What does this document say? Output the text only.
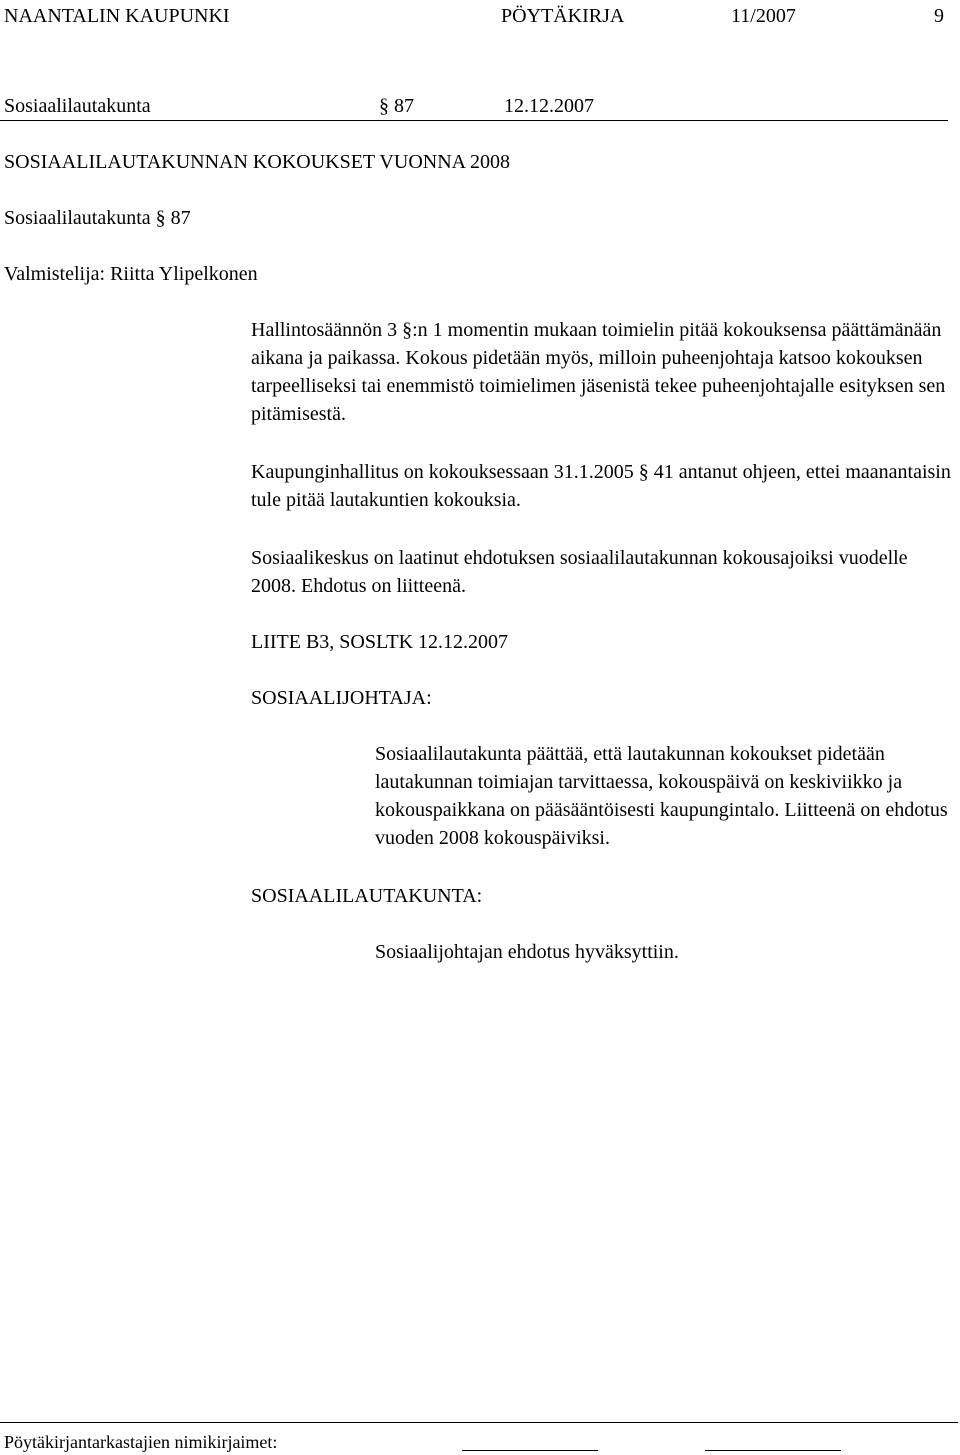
NAANTALIN KAUPUNKI	PÖYTÄKIRJA	11/2007	9
Sosiaalilautakunta	§ 87	12.12.2007
SOSIAALILAUTAKUNNAN KOKOUKSET VUONNA 2008
Sosiaalilautakunta § 87
Valmistelija: Riitta Ylipelkonen
Hallintosäännön 3 §:n 1 momentin mukaan toimielin pitää kokouksensa päättämänään aikana ja paikassa. Kokous pidetään myös, milloin puheenjohtaja katsoo kokouksen tarpeelliseksi tai enemmistö toimielimen jäsenistä tekee puheenjohtajalle esityksen sen pitämisestä.
Kaupunginhallitus on kokouksessaan 31.1.2005 § 41 antanut ohjeen, ettei maanantaisin tule pitää lautakuntien kokouksia.
Sosiaalikeskus on laatinut ehdotuksen sosiaalilautakunnan kokousajoiksi vuodelle 2008. Ehdotus on liitteenä.
LIITE B3, SOSLTK 12.12.2007
SOSIAALIJOHTAJA:
Sosiaalilautakunta päättää, että lautakunnan kokoukset pidetään lautakunnan toimiajan tarvittaessa, kokouspäivä on keskiviikko ja kokouspaikkana on pääsääntöisesti kaupungintalo. Liitteenä on ehdotus vuoden 2008 kokouspäiviksi.
SOSIAALILAUTAKUNTA:
Sosiaalijohtajan ehdotus hyväksyttiin.
Pöytäkirjantarkastajien nimikirjaimet:
